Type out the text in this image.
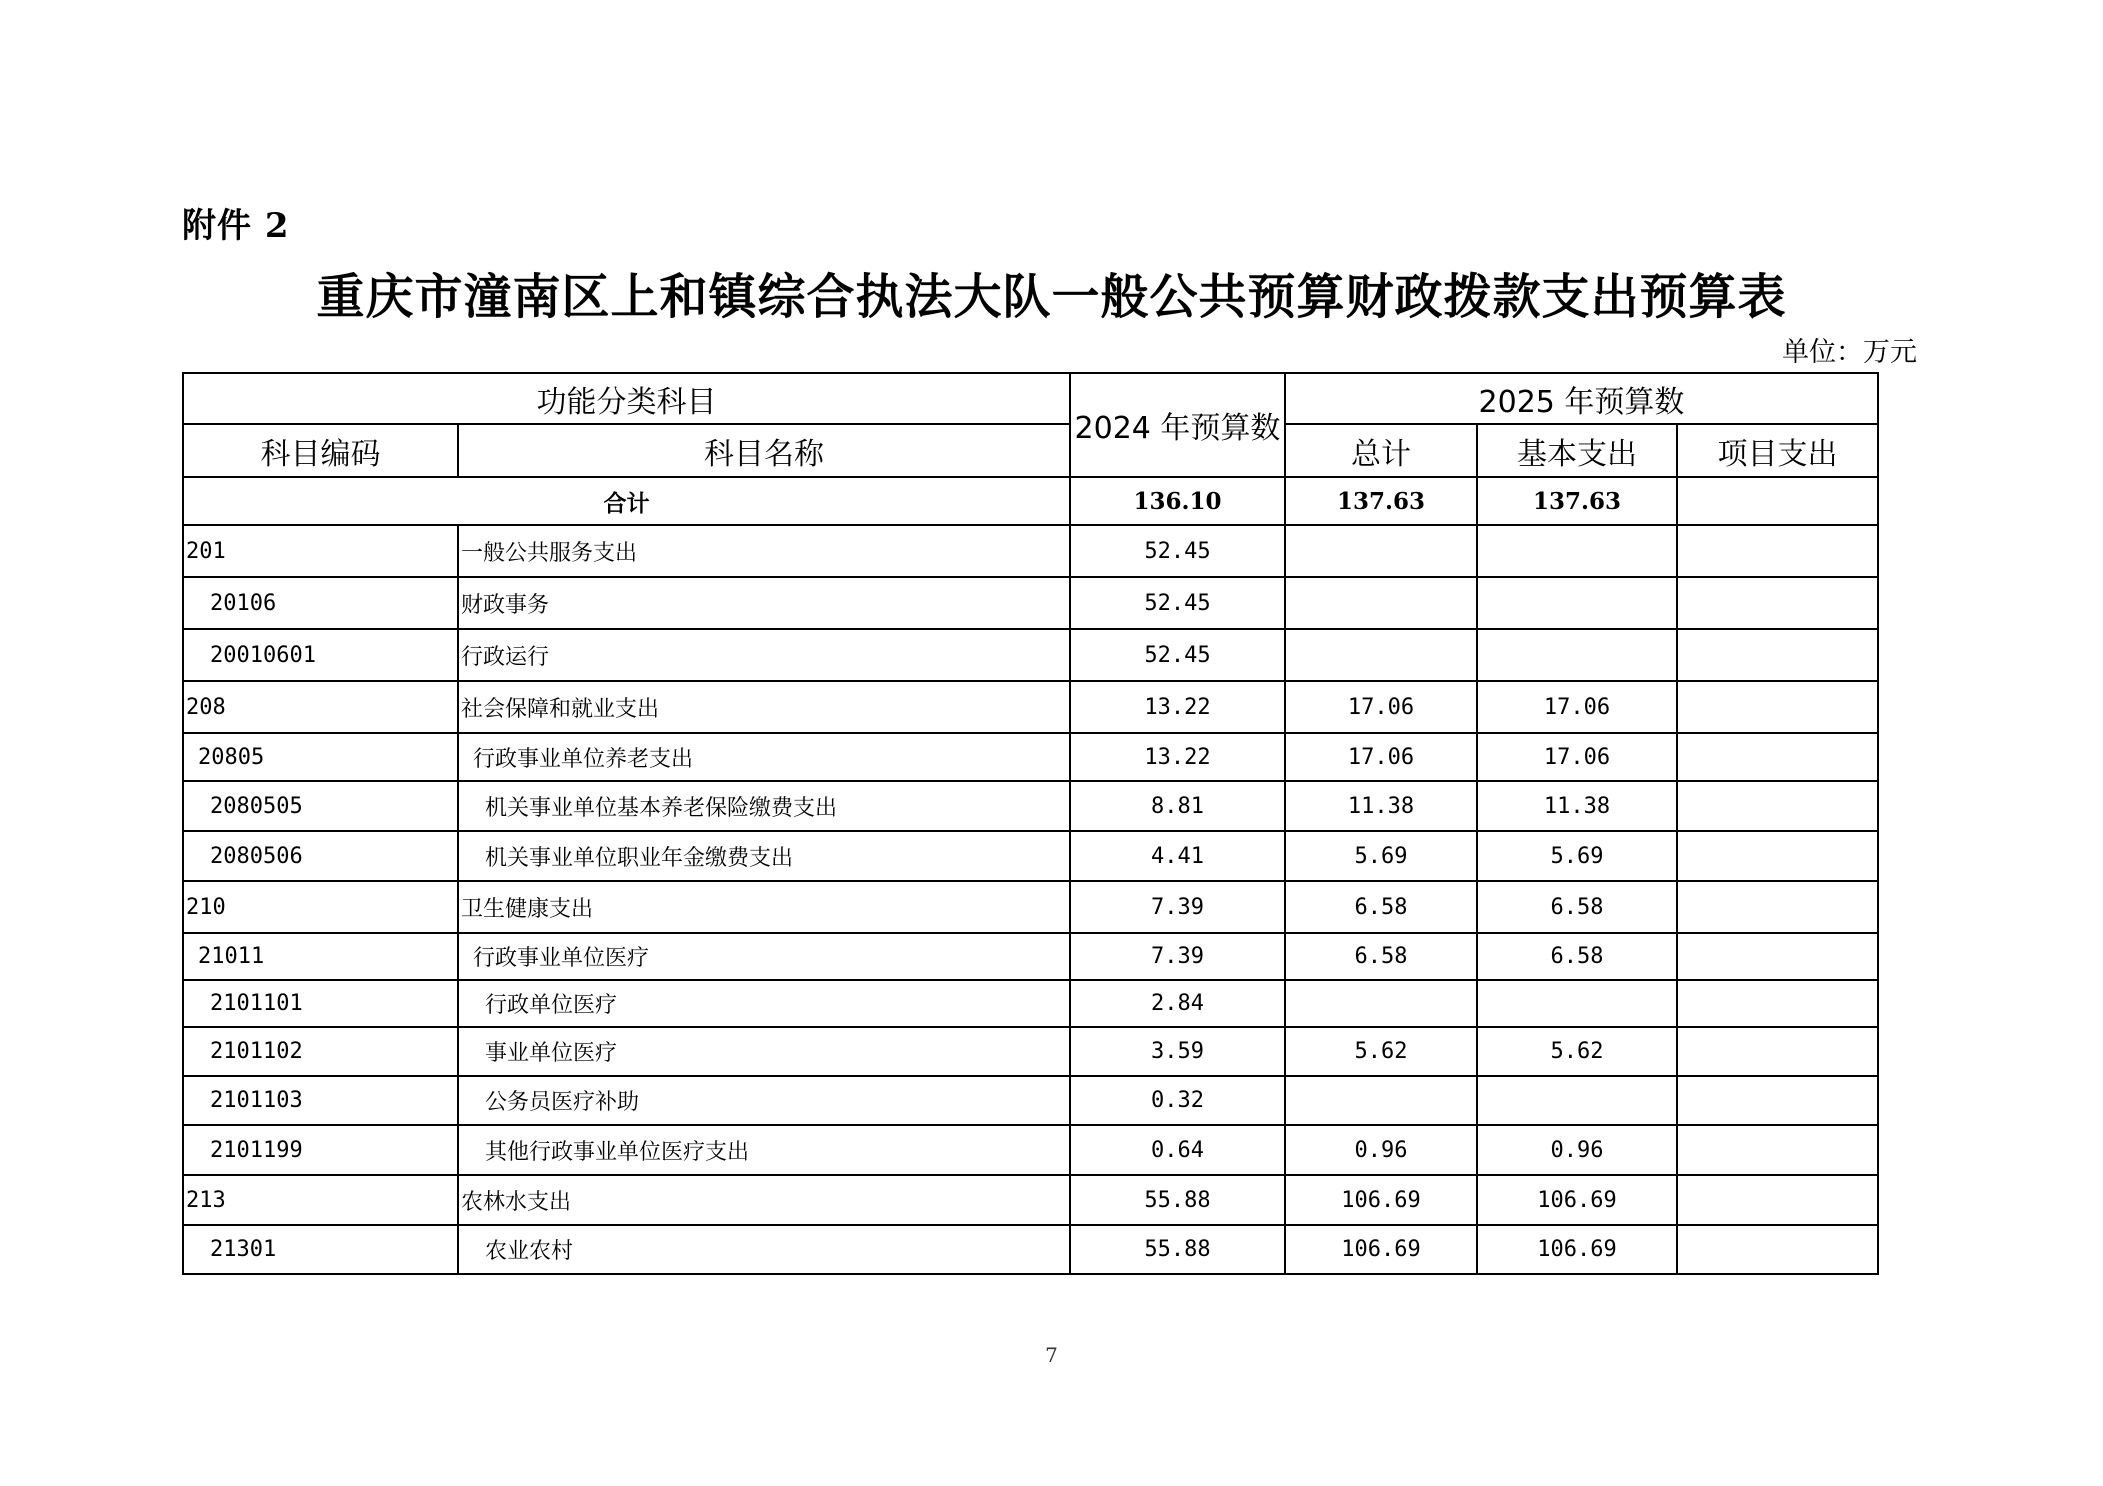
附件 2
重庆市潼南区上和镇综合执法大队一般公共预算财政拨款支出预算表
单位：万元
功能分类科目		2024 年预算数	2025 年预算数		
科目编码	科目名称		总计	基本支出	项目支出
合计		136.10	137.63	137.63	
201	一般公共服务支出	52.45			
20106	财政事务	52.45			
20010601	行政运行	52.45			
208	社会保障和就业支出	13.22	17.06	17.06	
20805	行政事业单位养老支出	13.22	17.06	17.06	
2080505	机关事业单位基本养老保险缴费支出	8.81	11.38	11.38	
2080506	机关事业单位职业年金缴费支出	4.41	5.69	5.69	
210	卫生健康支出	7.39	6.58	6.58	
21011	行政事业单位医疗	7.39	6.58	6.58	
2101101	行政单位医疗	2.84			
2101102	事业单位医疗	3.59	5.62	5.62	
2101103	公务员医疗补助	0.32			
2101199	其他行政事业单位医疗支出	0.64	0.96	0.96	
213	农林水支出	55.88	106.69	106.69	
21301	农业农村	55.88	106.69	106.69	
7
